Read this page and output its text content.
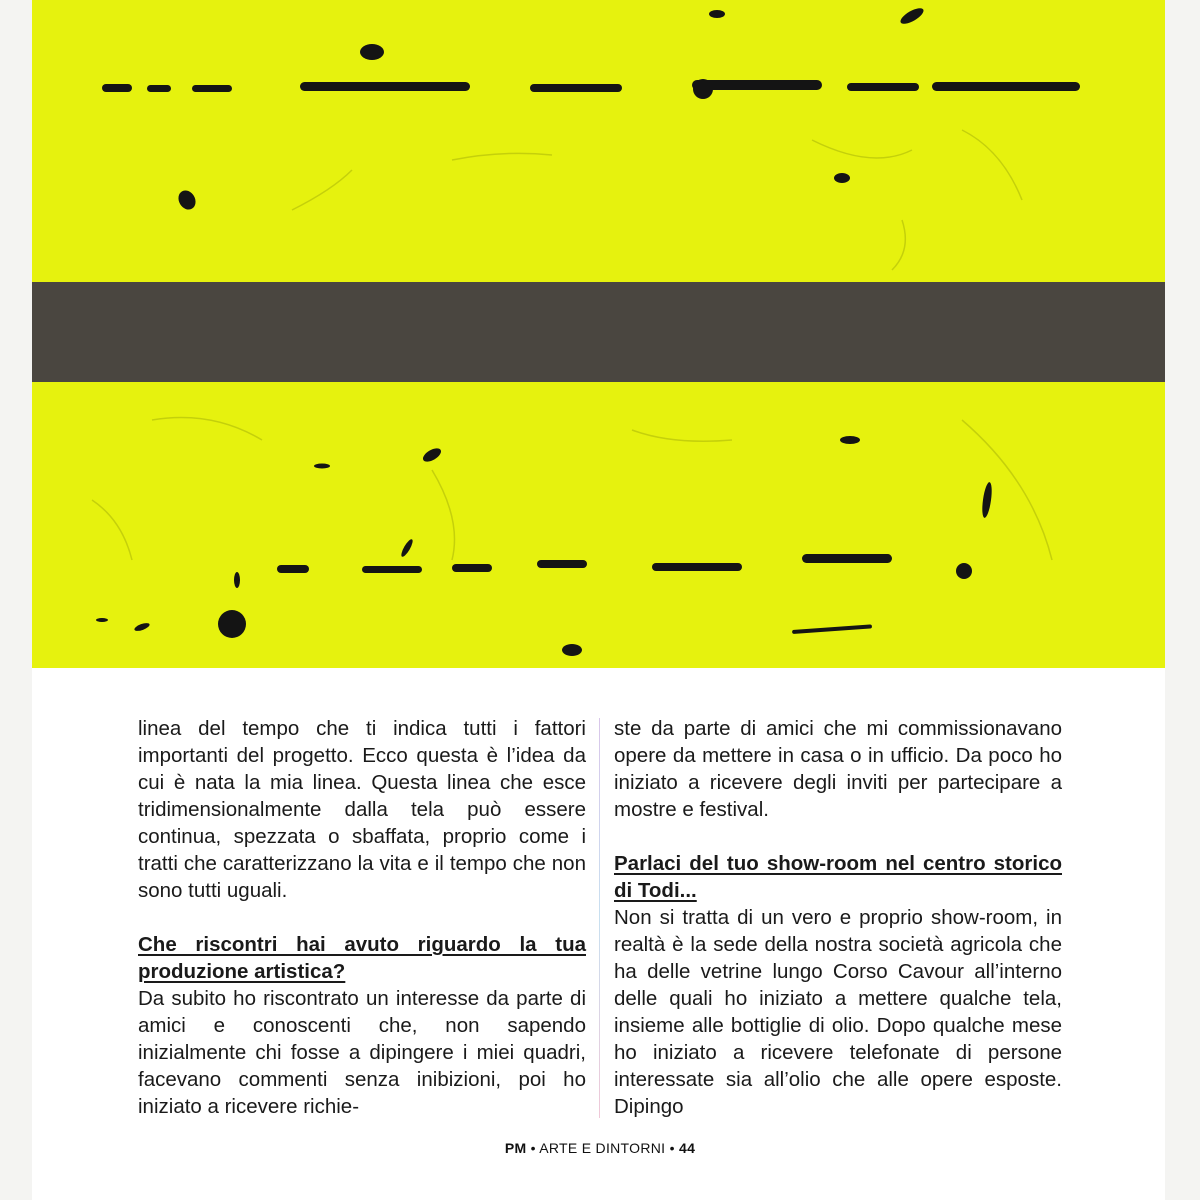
linea del tempo che ti indica tutti i fattori importanti del progetto. Ecco questa è l’idea da cui è nata la mia linea. Questa linea che esce tridimensionalmente dalla tela può essere continua, spezzata o sbaffata, proprio come i tratti che caratterizzano la vita e il tempo che non sono tutti uguali.

Che riscontri hai avuto riguardo la tua produzione artistica?

Da subito ho riscontrato un interesse da parte di amici e conoscenti che, non sapendo inizialmente chi fosse a dipingere i miei quadri, facevano commenti senza inibizioni, poi ho iniziato a ricevere richie-

ste da parte di amici che mi commissionavano opere da mettere in casa o in ufficio. Da poco ho iniziato a ricevere degli inviti per partecipare a mostre e festival.

Parlaci del tuo show-room nel centro storico di Todi...

Non si tratta di un vero e proprio show-room, in realtà è la sede della nostra società agricola che ha delle vetrine lungo Corso Cavour all’interno delle quali ho iniziato a mettere qualche tela, insieme alle bottiglie di olio. Dopo qualche mese ho iniziato a ricevere telefonate di persone interessate sia all’olio che alle opere esposte. Dipingo

PM • ARTE E DINTORNI • 44
